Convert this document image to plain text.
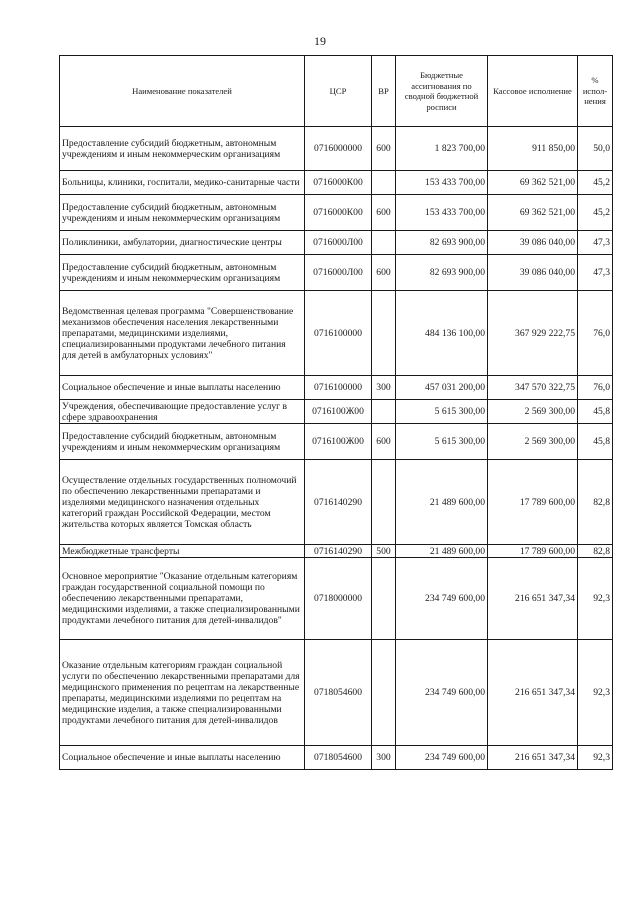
19
Наименование показателей	ЦСР	ВР	Бюджетные ассигнования по сводной бюджетной росписи	Кассовое исполнение	% испол-нения
Предоставление субсидий бюджетным, автономным учреждениям и иным некоммерческим организациям	0716000000	600	1 823 700,00	911 850,00	50,0
Больницы, клиники, госпитали, медико-санитарные части	0716000К00		153 433 700,00	69 362 521,00	45,2
Предоставление субсидий бюджетным, автономным учреждениям и иным некоммерческим организациям	0716000К00	600	153 433 700,00	69 362 521,00	45,2
Поликлиники, амбулатории, диагностические центры	0716000Л00		82 693 900,00	39 086 040,00	47,3
Предоставление субсидий бюджетным, автономным учреждениям и иным некоммерческим организациям	0716000Л00	600	82 693 900,00	39 086 040,00	47,3
Ведомственная целевая программа "Совершенствование механизмов обеспечения населения лекарственными препаратами, медицинскими изделиями, специализированными продуктами лечебного питания для детей в амбулаторных условиях"	0716100000		484 136 100,00	367 929 222,75	76,0
Социальное обеспечение и иные выплаты населению	0716100000	300	457 031 200,00	347 570 322,75	76,0
Учреждения, обеспечивающие предоставление услуг в сфере здравоохранения	0716100Ж00		5 615 300,00	2 569 300,00	45,8
Предоставление субсидий бюджетным, автономным учреждениям и иным некоммерческим организациям	0716100Ж00	600	5 615 300,00	2 569 300,00	45,8
Осуществление отдельных государственных полномочий по обеспечению лекарственными препаратами и изделиями медицинского назначения отдельных категорий граждан Российской Федерации, местом жительства которых является Томская область	0716140290		21 489 600,00	17 789 600,00	82,8
Межбюджетные трансферты	0716140290	500	21 489 600,00	17 789 600,00	82,8
Основное мероприятие "Оказание отдельным категориям граждан государственной социальной помощи по обеспечению лекарственными препаратами, медицинскими изделиями, а также специализированными продуктами лечебного питания для детей-инвалидов"	0718000000		234 749 600,00	216 651 347,34	92,3
Оказание отдельным категориям граждан социальной услуги по обеспечению лекарственными препаратами для медицинского применения по рецептам на лекарственные препараты, медицинскими изделиями по рецептам на медицинские изделия, а также специализированными продуктами лечебного питания для детей-инвалидов	0718054600		234 749 600,00	216 651 347,34	92,3
Социальное обеспечение и иные выплаты населению	0718054600	300	234 749 600,00	216 651 347,34	92,3
